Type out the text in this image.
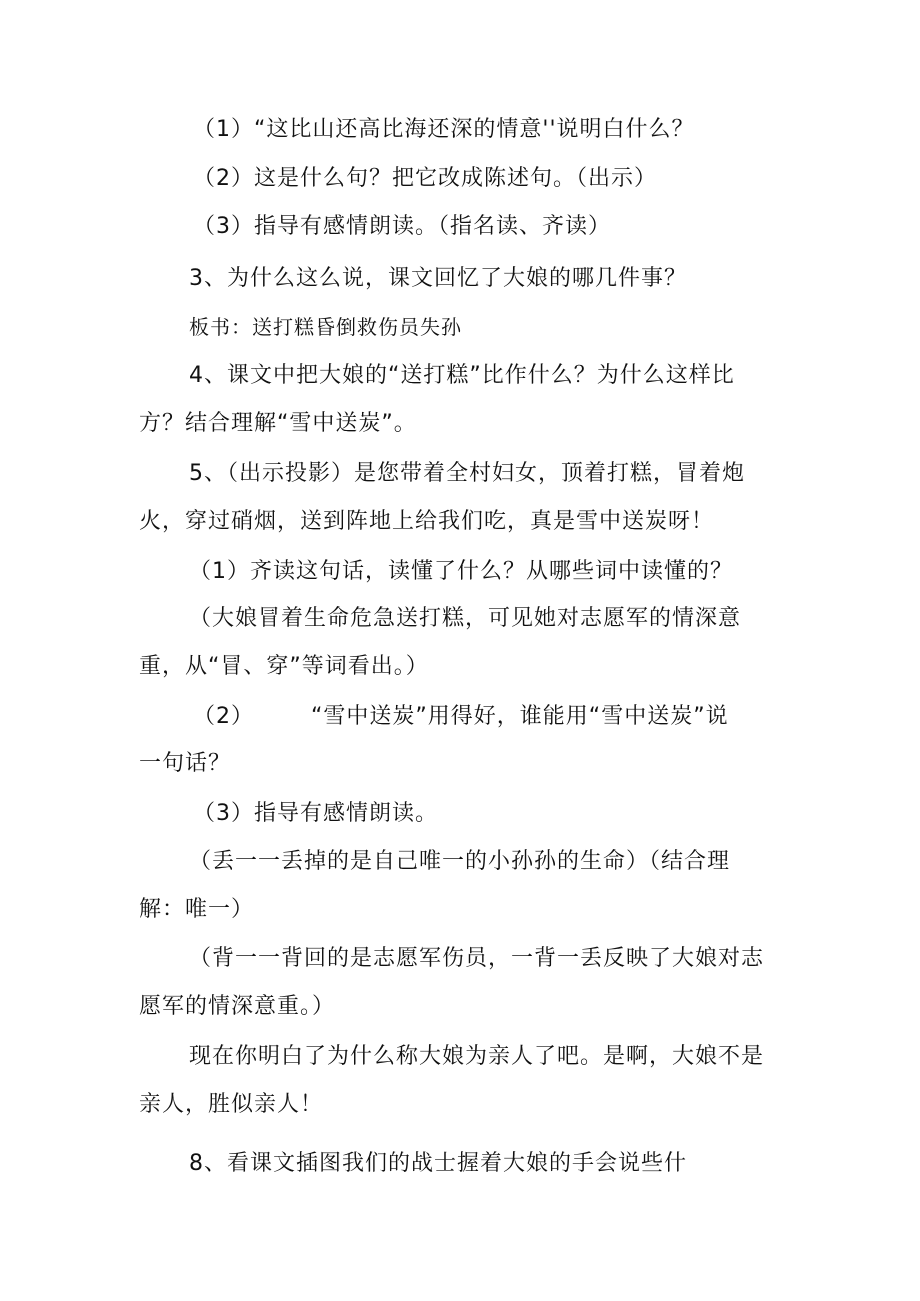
（1）“这比山还高比海还深的情意''说明白什么？
（2）这是什么句？把它改成陈述句。（出示）
（3）指导有感情朗读。（指名读、齐读）
3、为什么这么说，课文回忆了大娘的哪几件事？
板书：送打糕昏倒救伤员失孙
4、课文中把大娘的“送打糕”比作什么？为什么这样比
方？结合理解“雪中送炭”。
5、（出示投影）是您带着全村妇女，顶着打糕，冒着炮
火，穿过硝烟，送到阵地上给我们吃，真是雪中送炭呀！
（1）齐读这句话，读懂了什么？从哪些词中读懂的？
（大娘冒着生命危急送打糕，可见她对志愿军的情深意
重，从“冒、穿”等词看出。）
（2）	“雪中送炭”用得好，谁能用“雪中送炭”说
一句话？
（3）指导有感情朗读。
（丢一一丢掉的是自己唯一的小孙孙的生命）（结合理
解：唯一）
（背一一背回的是志愿军伤员，一背一丢反映了大娘对志
愿军的情深意重。）
现在你明白了为什么称大娘为亲人了吧。是啊，大娘不是
亲人，胜似亲人！
8、看课文插图我们的战士握着大娘的手会说些什
